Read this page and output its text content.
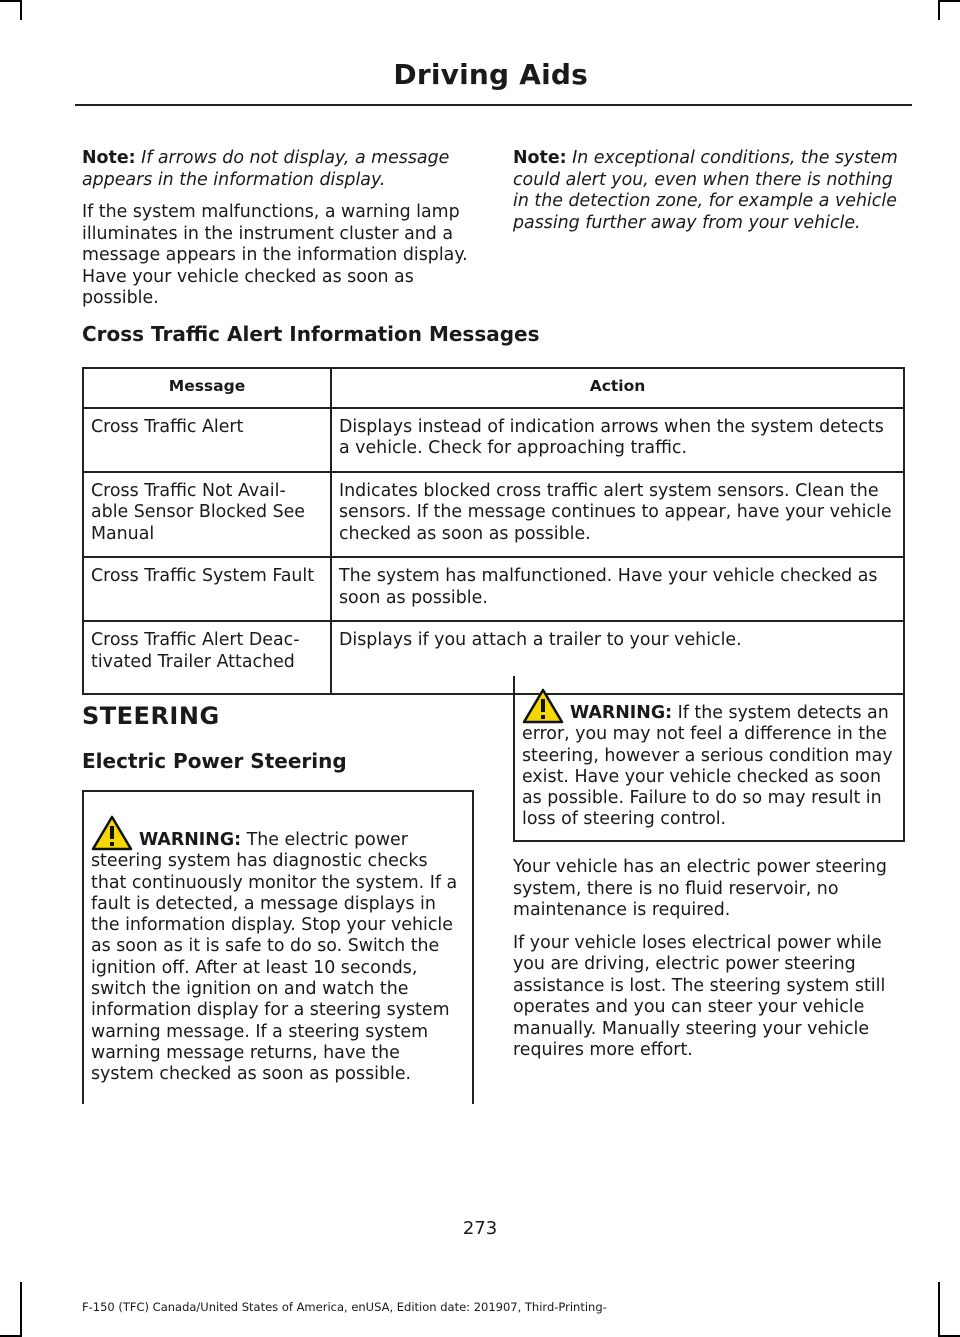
Driving Aids

Note: If arrows do not display, a message appears in the information display.

If the system malfunctions, a warning lamp illuminates in the instrument cluster and a message appears in the information display. Have your vehicle checked as soon as possible.

Note: In exceptional conditions, the system could alert you, even when there is nothing in the detection zone, for example a vehicle passing further away from your vehicle.

Cross Traffic Alert Information Messages
Message	Action
Cross Traffic Alert	Displays instead of indication arrows when the system detects a vehicle. Check for approaching traffic.
Cross Traffic Not Avail-able Sensor Blocked See Manual	Indicates blocked cross traffic alert system sensors. Clean the sensors. If the message continues to appear, have your vehicle checked as soon as possible.
Cross Traffic System Fault	The system has malfunctioned. Have your vehicle checked as soon as possible.
Cross Traffic Alert Deac-tivated Trailer Attached	Displays if you attach a trailer to your vehicle.
STEERING
Electric Power Steering

WARNING: The electric power steering system has diagnostic checks that continuously monitor the system. If a fault is detected, a message displays in the information display. Stop your vehicle as soon as it is safe to do so. Switch the ignition off. After at least 10 seconds, switch the ignition on and watch the information display for a steering system warning message. If a steering system warning message returns, have the system checked as soon as possible.

WARNING: If the system detects an error, you may not feel a difference in the steering, however a serious condition may exist. Have your vehicle checked as soon as possible. Failure to do so may result in loss of steering control.

Your vehicle has an electric power steering system, there is no fluid reservoir, no maintenance is required.

If your vehicle loses electrical power while you are driving, electric power steering assistance is lost. The steering system still operates and you can steer your vehicle manually. Manually steering your vehicle requires more effort.

273
F-150 (TFC) Canada/United States of America, enUSA, Edition date: 201907, Third-Printing-
